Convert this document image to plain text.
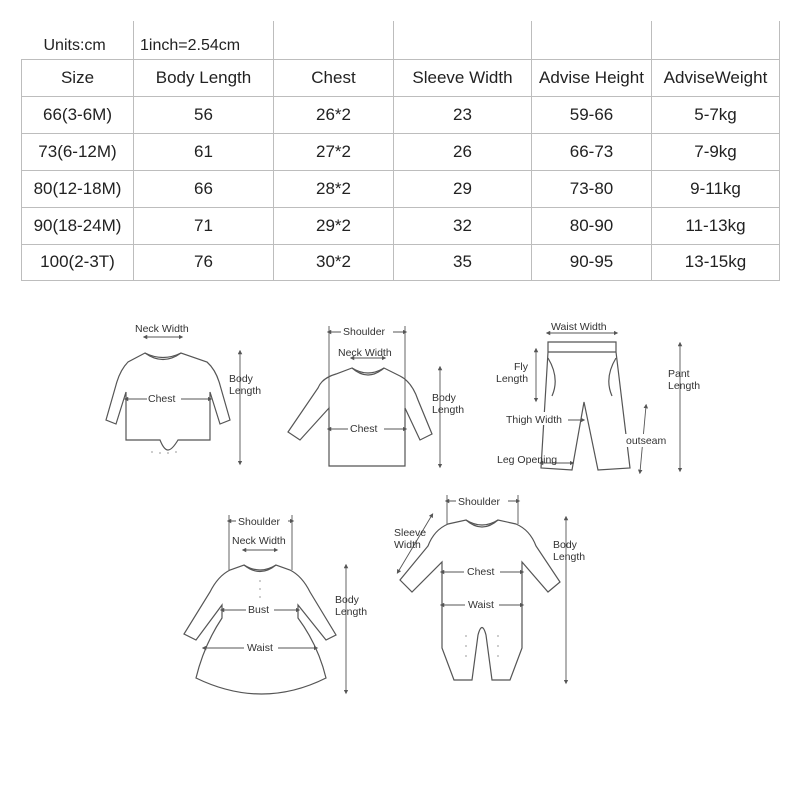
Units:cm	1inch=2.54cm				
Size	Body Length	Chest	Sleeve Width	Advise Height	AdviseWeight
66(3-6M)	56	26*2	23	59-66	5-7kg
73(6-12M)	61	27*2	26	66-73	7-9kg
80(12-18M)	66	28*2	29	73-80	9-11kg
90(18-24M)	71	29*2	32	80-90	11-13kg
100(2-3T)	76	30*2	35	90-95	13-15kg
Neck Width
Chest
Body
Length
Shoulder
Neck Width
Chest
Body
Length
Waist Width
Fly
Length	Pant
Length
Thigh Width
outseam
Leg Opening
Shoulder
Neck Width
Bust
Waist
Body
Length
Shoulder
Sleeve
Width
Chest
Waist
Body
Length
